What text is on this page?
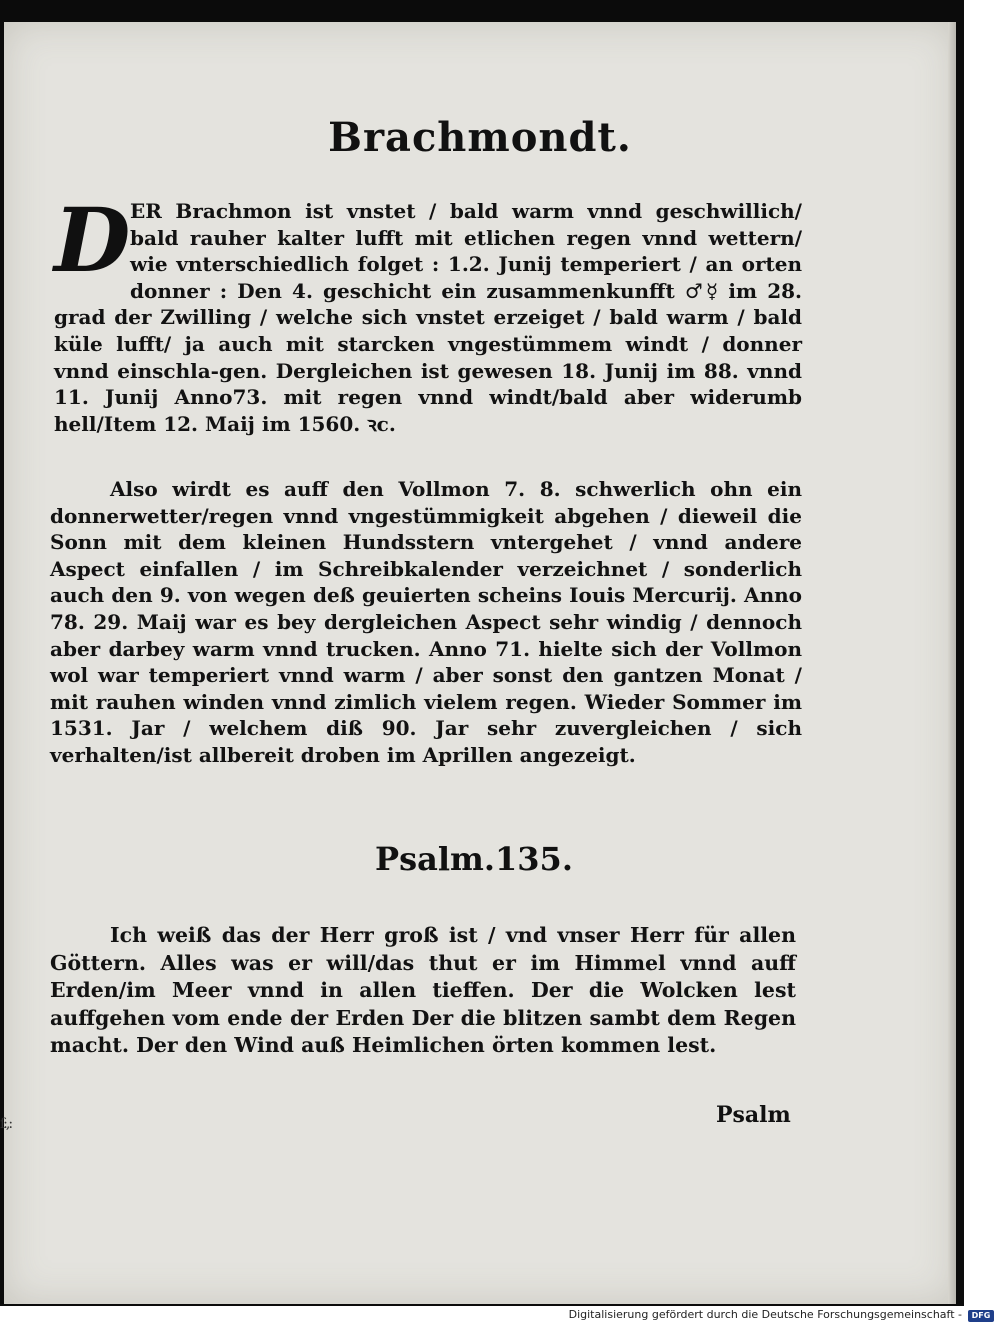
Brachmondt.
D ER Brachmon ist vnstet / bald warm vnnd geschwillich/ bald rauher kalter lufft mit etlichen regen vnnd wettern/ wie vnterschiedlich folget : 1.2. Junij temperiert / an orten donner : Den 4. geschicht ein zusammenkunfft ♂☿ im 28. grad der Zwilling / welche sich vnstet erzeiget / bald warm / bald küle lufft/ ja auch mit starcken vngestümmem windt / donner vnnd einschla-gen. Dergleichen ist gewesen 18. Junij im 88. vnnd 11. Junij Anno73. mit regen vnnd windt/bald aber widerumb hell/Item 12. Maij im 1560. ꝛc.
Also wirdt es auff den Vollmon 7. 8. schwerlich ohn ein donnerwetter/regen vnnd vngestümmigkeit abgehen / dieweil die Sonn mit dem kleinen Hundsstern vntergehet / vnnd andere Aspect einfallen / im Schreibkalender verzeichnet / sonderlich auch den 9. von wegen deß geuierten scheins Iouis Mercurij. Anno 78. 29. Maij war es bey dergleichen Aspect sehr windig / dennoch aber darbey warm vnnd trucken. Anno 71. hielte sich der Vollmon wol war temperiert vnnd warm / aber sonst den gantzen Monat / mit rauhen winden vnnd zimlich vielem regen. Wieder Sommer im 1531. Jar / welchem diß 90. Jar sehr zuvergleichen / sich verhalten/ist allbereit droben im Aprillen angezeigt.
Psalm.135.
Ich weiß das der Herr groß ist / vnd vnser Herr für allen Göttern. Alles was er will/das thut er im Himmel vnnd auff Erden/im Meer vnnd in allen tieffen. Der die Wolcken lest auffgehen vom ende der Erden Der die blitzen sambt dem Regen macht. Der den Wind auß Heimlichen örten kommen lest.
Psalm
ſ:,:
Digitalisierung gefördert durch die Deutsche Forschungsgemeinschaft -	DFG
